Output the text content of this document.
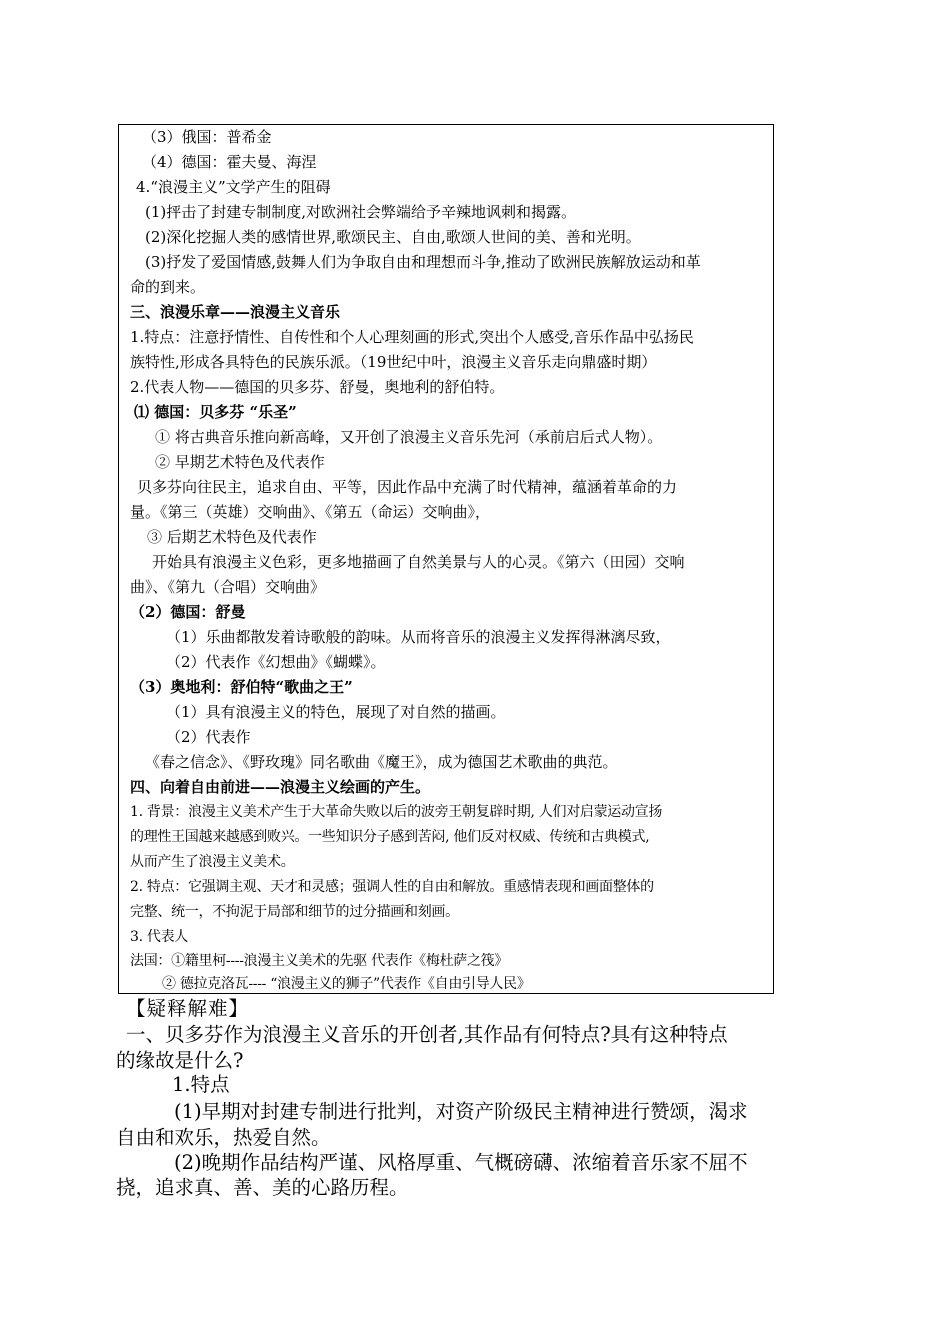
（3）俄国：普希金
（4）德国：霍夫曼、海涅
4.“浪漫主义”文学产生的阻碍
(1)抨击了封建专制制度,对欧洲社会弊端给予辛辣地讽刺和揭露。
(2)深化挖掘人类的感情世界,歌颂民主、自由,歌颂人世间的美、善和光明。
(3)抒发了爱国情感,鼓舞人们为争取自由和理想而斗争,推动了欧洲民族解放运动和革
命的到来。
三、浪漫乐章——浪漫主义音乐
1.特点：注意抒情性、自传性和个人心理刻画的形式,突出个人感受,音乐作品中弘扬民
族特性,形成各具特色的民族乐派。（19世纪中叶，浪漫主义音乐走向鼎盛时期）
2.代表人物——德国的贝多芬、舒曼，奥地利的舒伯特。
⑴ 德国：贝多芬 “乐圣”
① 将古典音乐推向新高峰，又开创了浪漫主义音乐先河（承前启后式人物）。
② 早期艺术特色及代表作
贝多芬向往民主，追求自由、平等，因此作品中充满了时代精神，蕴涵着革命的力
量。《第三（英雄）交响曲》、《第五（命运）交响曲》，
③ 后期艺术特色及代表作
开始具有浪漫主义色彩，更多地描画了自然美景与人的心灵。《第六（田园）交响
曲》、《第九（合唱）交响曲》
（2）德国：舒曼
（1）乐曲都散发着诗歌般的韵味。从而将音乐的浪漫主义发挥得淋漓尽致，
（2）代表作《幻想曲》《蝴蝶》。
（3）奥地利：舒伯特“歌曲之王”
（1）具有浪漫主义的特色，展现了对自然的描画。
（2）代表作
《春之信念》、《野玫瑰》同名歌曲《魔王》，成为德国艺术歌曲的典范。
四、向着自由前进——浪漫主义绘画的产生。
1. 背景：浪漫主义美术产生于大革命失败以后的波旁王朝复辟时期, 人们对启蒙运动宣扬
的理性王国越来越感到败兴。一些知识分子感到苦闷, 他们反对权威、传统和古典模式,
从而产生了浪漫主义美术。
2. 特点：它强调主观、天才和灵感；强调人性的自由和解放。重感情表现和画面整体的
完整、统一，不拘泥于局部和细节的过分描画和刻画。
3. 代表人
法国：①籍里柯----浪漫主义美术的先驱 代表作《梅杜萨之筏》
② 德拉克洛瓦---- “浪漫主义的狮子”代表作《自由引导人民》
【疑释解难】
一、贝多芬作为浪漫主义音乐的开创者,其作品有何特点?具有这种特点
的缘故是什么?
1.特点
(1)早期对封建专制进行批判，对资产阶级民主精神进行赞颂，渴求
自由和欢乐，热爱自然。
(2)晚期作品结构严谨、风格厚重、气概磅礴、浓缩着音乐家不屈不
挠，追求真、善、美的心路历程。
